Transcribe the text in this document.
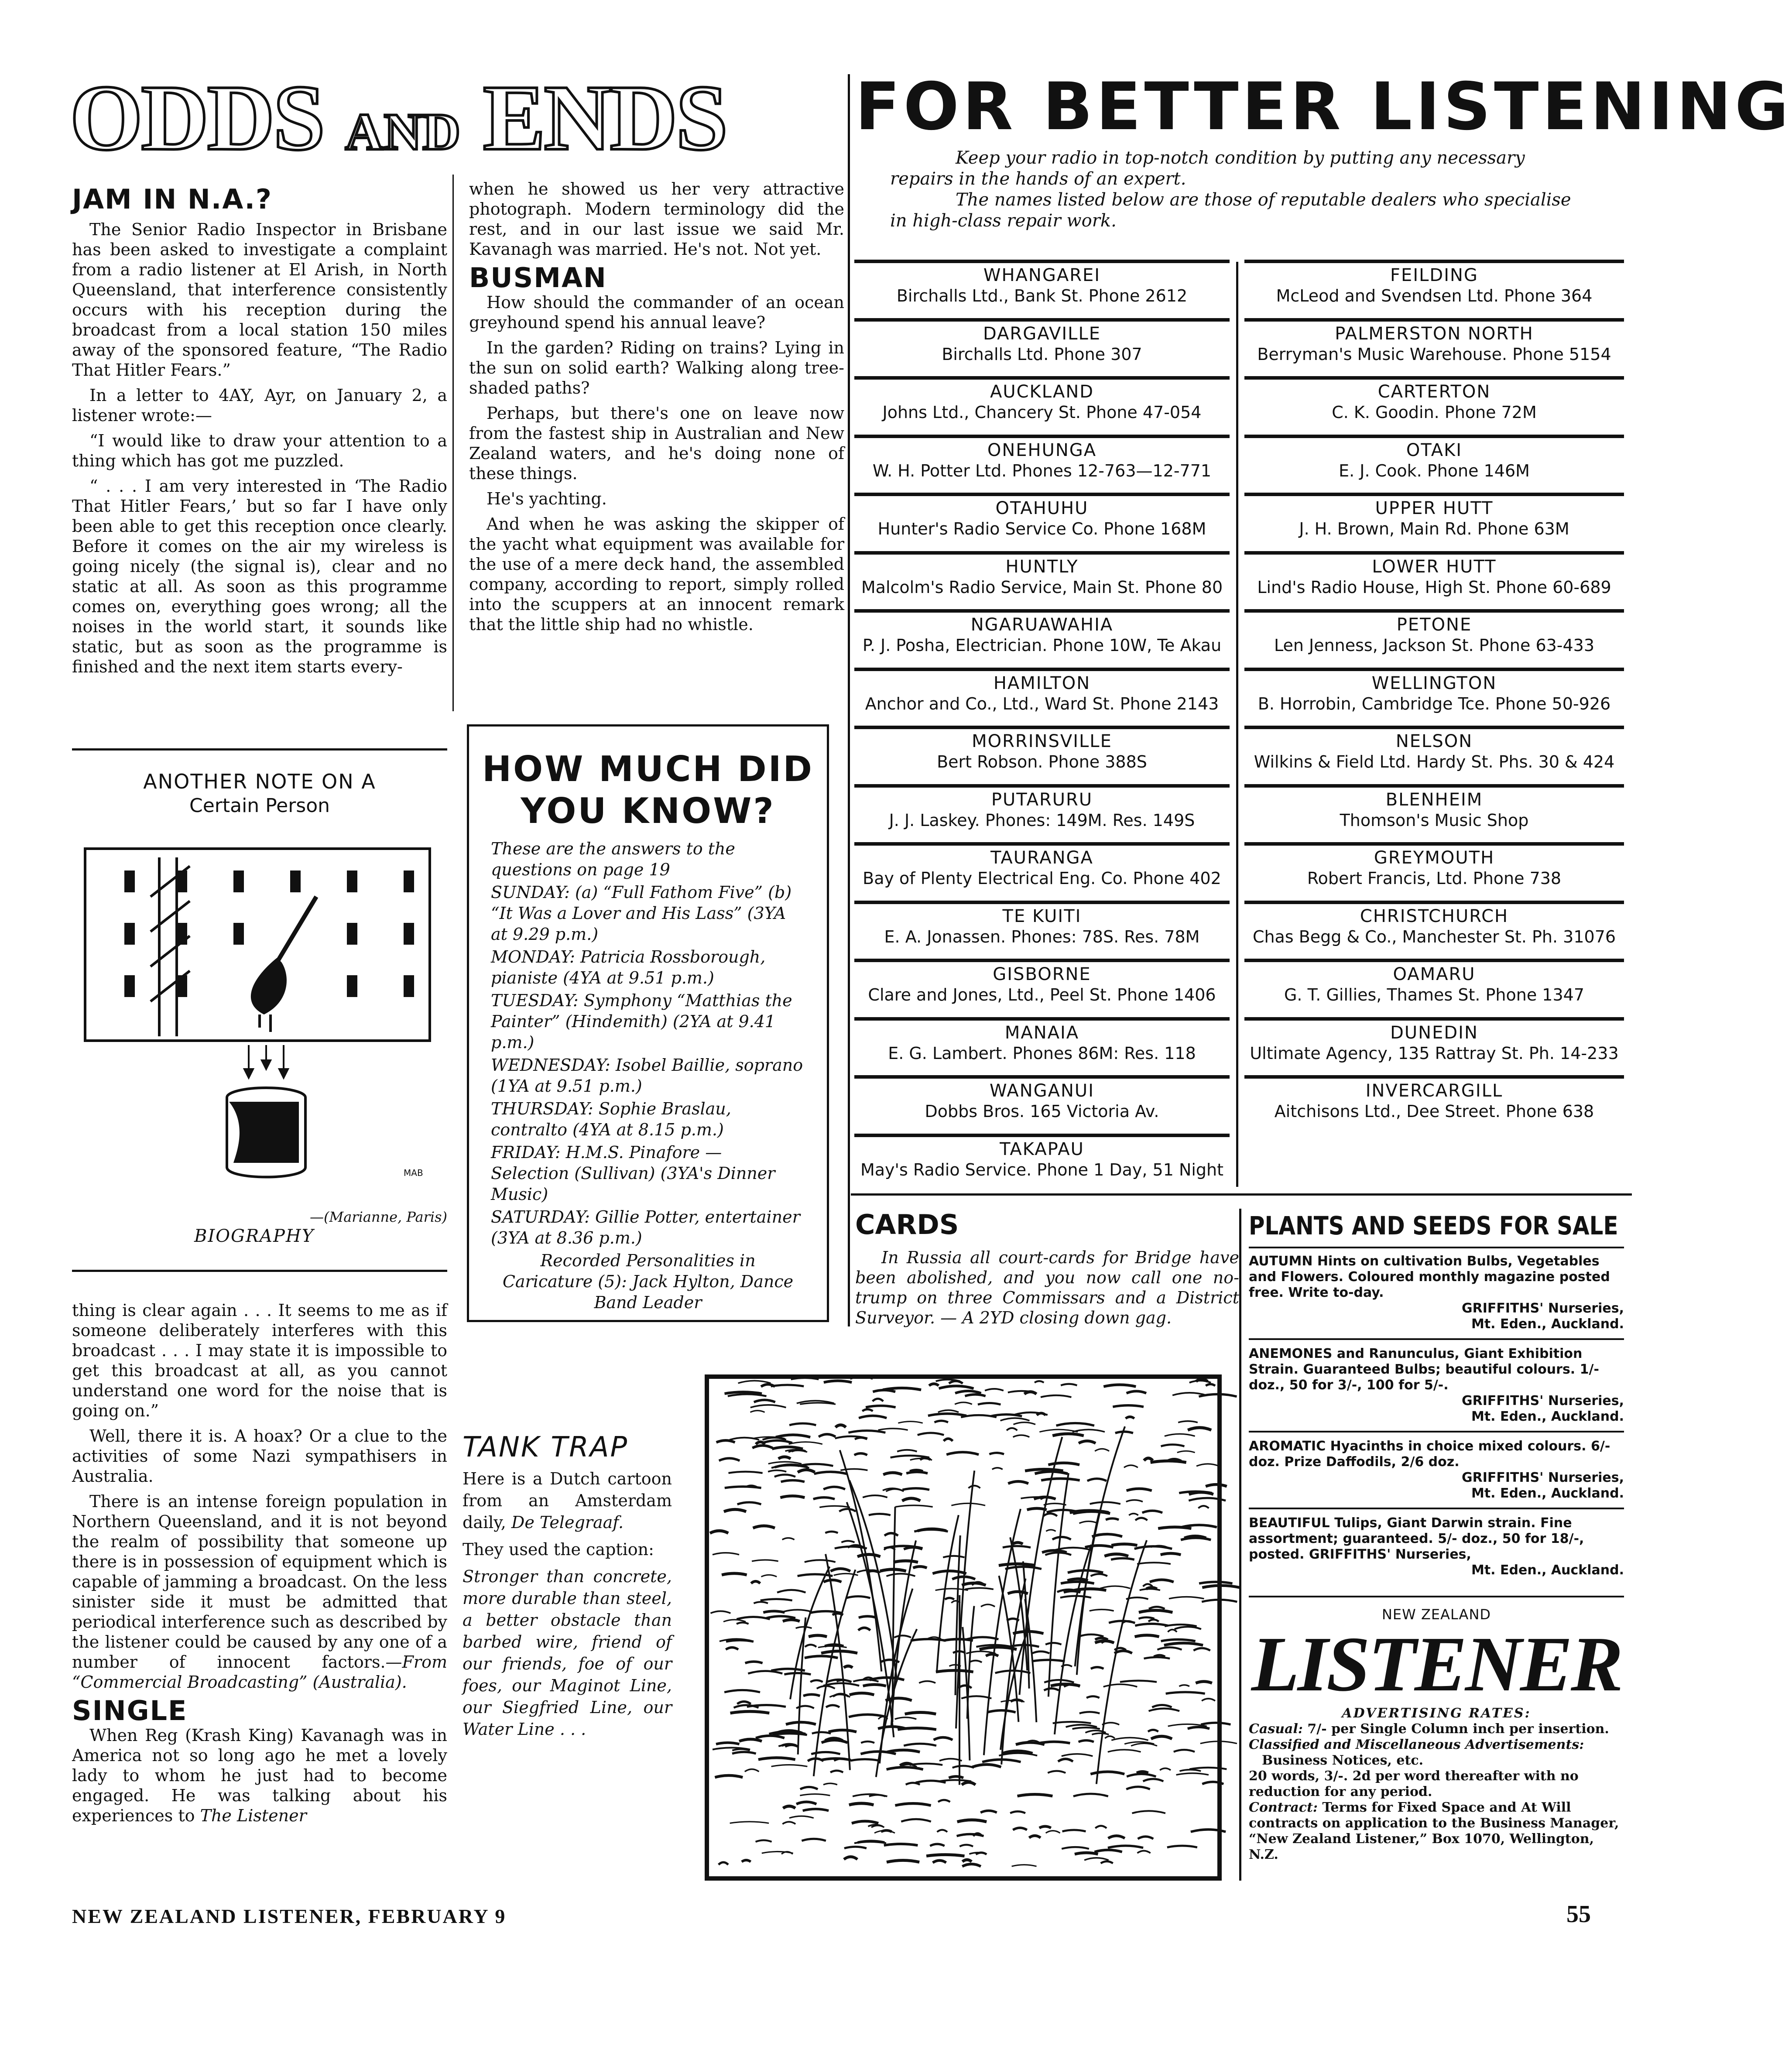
ODDS AND ENDS	FOR BETTER LISTENING
JAM IN N.A.?

The Senior Radio Inspector in Brisbane has been asked to investigate a complaint from a radio listener at El Arish, in North Queensland, that interference consistently occurs with his reception during the broadcast from a local station 150 miles away of the sponsored feature, “The Radio That Hitler Fears.”

In a letter to 4AY, Ayr, on January 2, a listener wrote:—

“I would like to draw your attention to a thing which has got me puzzled.

“ . . . I am very interested in ‘The Radio That Hitler Fears,’ but so far I have only been able to get this reception once clearly. Before it comes on the air my wireless is going nicely (the signal is), clear and no static at all. As soon as this programme comes on, everything goes wrong; all the noises in the world start, it sounds like static, but as soon as the programme is finished and the next item starts every-

ANOTHER NOTE ON A
Certain Person
MAB
—(Marianne, Paris)
BIOGRAPHY

thing is clear again . . . It seems to me as if someone deliberately interferes with this broadcast . . . I may state it is impossible to get this broadcast at all, as you cannot understand one word for the noise that is going on.”

Well, there it is. A hoax? Or a clue to the activities of some Nazi sympathisers in Australia.

There is an intense foreign population in Northern Queensland, and it is not beyond the realm of possibility that someone up there is in possession of equipment which is capable of jamming a broadcast. On the less sinister side it must be admitted that periodical interference such as described by the listener could be caused by any one of a number of innocent factors.—From “Commercial Broadcasting” (Australia).

SINGLE

When Reg (Krash King) Kavanagh was in America not so long ago he met a lovely lady to whom he just had to become engaged. He was talking about his experiences to The Listener

when he showed us her very attractive photograph. Modern terminology did the rest, and in our last issue we said Mr. Kavanagh was married. He's not. Not yet.

BUSMAN

How should the commander of an ocean greyhound spend his annual leave?

In the garden? Riding on trains? Lying in the sun on solid earth? Walking along tree-shaded paths?

Perhaps, but there's one on leave now from the fastest ship in Australian and New Zealand waters, and he's doing none of these things.

He's yachting.

And when he was asking the skipper of the yacht what equipment was available for the use of a mere deck hand, the assembled company, according to report, simply rolled into the scuppers at an innocent remark that the little ship had no whistle.

HOW MUCH DID
YOU KNOW?

These are the answers to the questions on page 19

SUNDAY: (a) “Full Fathom Five” (b) “It Was a Lover and His Lass” (3YA at 9.29 p.m.)

MONDAY: Patricia Rossborough, pianiste (4YA at 9.51 p.m.)

TUESDAY: Symphony “Matthias the Painter” (Hindemith) (2YA at 9.41 p.m.)

WEDNESDAY: Isobel Baillie, soprano (1YA at 9.51 p.m.)

THURSDAY: Sophie Braslau, contralto (4YA at 8.15 p.m.)

FRIDAY: H.M.S. Pinafore — Selection (Sullivan) (3YA's Dinner Music)

SATURDAY: Gillie Potter, entertainer (3YA at 8.36 p.m.)

Recorded Personalities in Caricature (5): Jack Hylton, Dance Band Leader

TANK TRAP

Here is a Dutch cartoon from an Amsterdam daily, De Telegraaf.

They used the caption:

Stronger than concrete, more durable than steel, a better obstacle than barbed wire, friend of our friends, foe of our foes, our Maginot Line, our Siegfried Line, our Water Line . . .

Keep your radio in top-notch condition by putting any necessary repairs in the hands of an expert.
The names listed below are those of reputable dealers who specialise in high-class repair work.
CARDS
In Russia all court-cards for Bridge have been abolished, and you now call one no-trump on three Commissars and a District Surveyor. — A 2YD closing down gag.
PLANTS AND SEEDS FOR SALE
AUTUMN Hints on cultivation Bulbs, Vegetables and Flowers. Coloured monthly magazine posted free. Write to-day.
GRIFFITHS' Nurseries,
Mt. Eden., Auckland.
ANEMONES and Ranunculus, Giant Exhibition Strain. Guaranteed Bulbs; beautiful colours. 1/- doz., 50 for 3/-, 100 for 5/-.
GRIFFITHS' Nurseries,
Mt. Eden., Auckland.
AROMATIC Hyacinths in choice mixed colours. 6/- doz. Prize Daffodils, 2/6 doz.
GRIFFITHS' Nurseries,
Mt. Eden., Auckland.
BEAUTIFUL Tulips, Giant Darwin strain. Fine assortment; guaranteed. 5/- doz., 50 for 18/-, posted. GRIFFITHS' Nurseries,
Mt. Eden., Auckland.
NEW ZEALAND
LISTENER
ADVERTISING RATES:
Casual: 7/- per Single Column inch per insertion.
Classified and Miscellaneous Advertisements:
Business Notices, etc.
20 words, 3/-. 2d per word thereafter with no reduction for any period.
Contract: Terms for Fixed Space and At Will contracts on application to the Business Manager, “New Zealand Listener,” Box 1070, Wellington, N.Z.
NEW ZEALAND LISTENER, FEBRUARY 9	55
WHANGAREI
Birchalls Ltd., Bank St. Phone 2612
DARGAVILLE
Birchalls Ltd. Phone 307
AUCKLAND
Johns Ltd., Chancery St. Phone 47-054
ONEHUNGA
W. H. Potter Ltd. Phones 12-763—12-771
OTAHUHU
Hunter's Radio Service Co. Phone 168M
HUNTLY
Malcolm's Radio Service, Main St. Phone 80
NGARUAWAHIA
P. J. Posha, Electrician. Phone 10W, Te Akau
HAMILTON
Anchor and Co., Ltd., Ward St. Phone 2143
MORRINSVILLE
Bert Robson. Phone 388S
PUTARURU
J. J. Laskey. Phones: 149M. Res. 149S
TAURANGA
Bay of Plenty Electrical Eng. Co. Phone 402
TE KUITI
E. A. Jonassen. Phones: 78S. Res. 78M
GISBORNE
Clare and Jones, Ltd., Peel St. Phone 1406
MANAIA
E. G. Lambert. Phones 86M: Res. 118
WANGANUI
Dobbs Bros. 165 Victoria Av.
TAKAPAU
May's Radio Service. Phone 1 Day, 51 Night
FEILDING
McLeod and Svendsen Ltd. Phone 364
PALMERSTON NORTH
Berryman's Music Warehouse. Phone 5154
CARTERTON
C. K. Goodin. Phone 72M
OTAKI
E. J. Cook. Phone 146M
UPPER HUTT
J. H. Brown, Main Rd. Phone 63M
LOWER HUTT
Lind's Radio House, High St. Phone 60-689
PETONE
Len Jenness, Jackson St. Phone 63-433
WELLINGTON
B. Horrobin, Cambridge Tce. Phone 50-926
NELSON
Wilkins & Field Ltd. Hardy St. Phs. 30 & 424
BLENHEIM
Thomson's Music Shop
GREYMOUTH
Robert Francis, Ltd. Phone 738
CHRISTCHURCH
Chas Begg & Co., Manchester St. Ph. 31076
OAMARU
G. T. Gillies, Thames St. Phone 1347
DUNEDIN
Ultimate Agency, 135 Rattray St. Ph. 14-233
INVERCARGILL
Aitchisons Ltd., Dee Street. Phone 638
